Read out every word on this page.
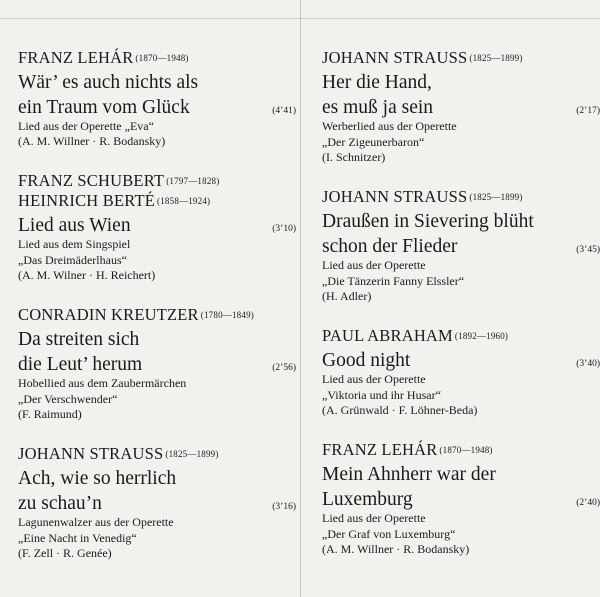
FRANZ LEHÁR (1870—1948)
Wär’ es auch nichts als
ein Traum vom Glück	(4’41)
Lied aus der Operette „Eva“
(A. M. Willner · R. Bodansky)
FRANZ SCHUBERT (1797—1828)
HEINRICH BERTÉ (1858—1924)
Lied aus Wien	(3’10)
Lied aus dem Singspiel
„Das Dreimäderlhaus“
(A. M. Wilner · H. Reichert)
CONRADIN KREUTZER (1780—1849)
Da streiten sich
die Leut’ herum	(2’56)
Hobellied aus dem Zaubermärchen
„Der Verschwender“
(F. Raimund)
JOHANN STRAUSS (1825—1899)
Ach, wie so herrlich
zu schau’n	(3’16)
Lagunenwalzer aus der Operette
„Eine Nacht in Venedig“
(F. Zell · R. Genée)
JOHANN STRAUSS (1825—1899)
Her die Hand,
es muß ja sein	(2’17)
Werberlied aus der Operette
„Der Zigeunerbaron“
(I. Schnitzer)
JOHANN STRAUSS (1825—1899)
Draußen in Sievering blüht
schon der Flieder	(3’45)
Lied aus der Operette
„Die Tänzerin Fanny Elssler“
(H. Adler)
PAUL ABRAHAM (1892—1960)
Good night	(3’40)
Lied aus der Operette
„Viktoria und ihr Husar“
(A. Grünwald · F. Löhner-Beda)
FRANZ LEHÁR (1870—1948)
Mein Ahnherr war der
Luxemburg	(2’40)
Lied aus der Operette
„Der Graf von Luxemburg“
(A. M. Willner · R. Bodansky)
